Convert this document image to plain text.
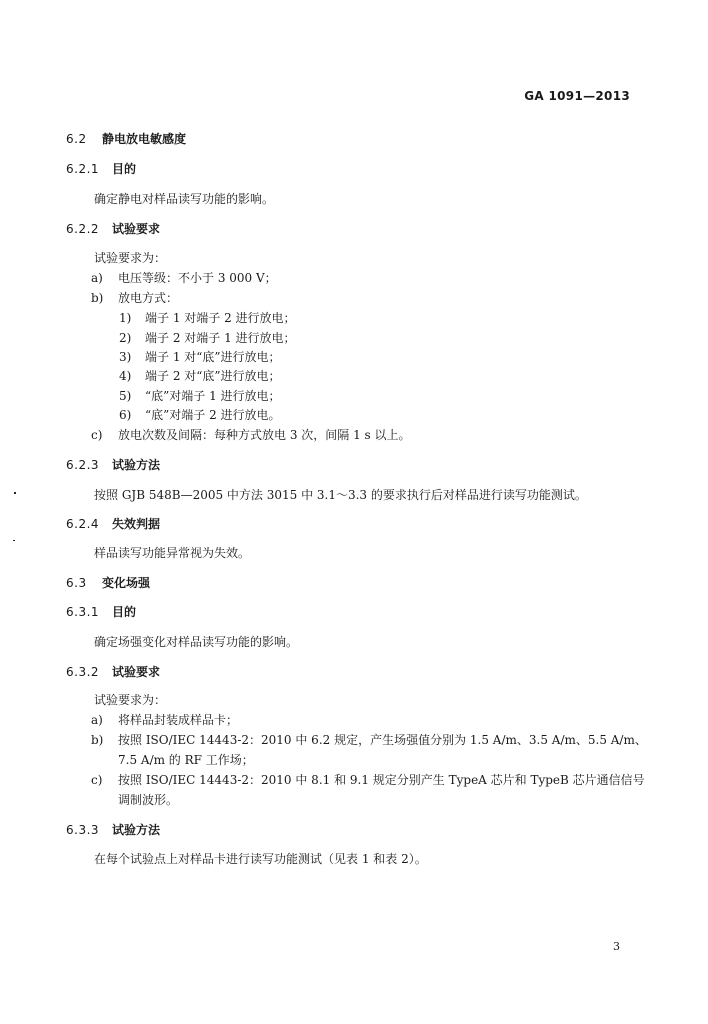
GA 1091—2013
6.2 静电放电敏感度
6.2.1 目的
确定静电对样品读写功能的影响。
6.2.2 试验要求
试验要求为：
a) 电压等级：不小于 3 000 V；
b) 放电方式：
1) 端子 1 对端子 2 进行放电；
2) 端子 2 对端子 1 进行放电；
3) 端子 1 对“底”进行放电；
4) 端子 2 对“底”进行放电；
5) “底”对端子 1 进行放电；
6) “底”对端子 2 进行放电。
c) 放电次数及间隔：每种方式放电 3 次，间隔 1 s 以上。
6.2.3 试验方法
按照 GJB 548B—2005 中方法 3015 中 3.1～3.3 的要求执行后对样品进行读写功能测试。
6.2.4 失效判据
样品读写功能异常视为失效。
6.3 变化场强
6.3.1 目的
确定场强变化对样品读写功能的影响。
6.3.2 试验要求
试验要求为：
a) 将样品封装成样品卡；
b) 按照 ISO/IEC 14443-2：2010 中 6.2 规定，产生场强值分别为 1.5 A/m、3.5 A/m、5.5 A/m、
7.5 A/m 的 RF 工作场；
c) 按照 ISO/IEC 14443-2：2010 中 8.1 和 9.1 规定分别产生 TypeA 芯片和 TypeB 芯片通信信号
调制波形。
6.3.3 试验方法
在每个试验点上对样品卡进行读写功能测试（见表 1 和表 2）。
3
